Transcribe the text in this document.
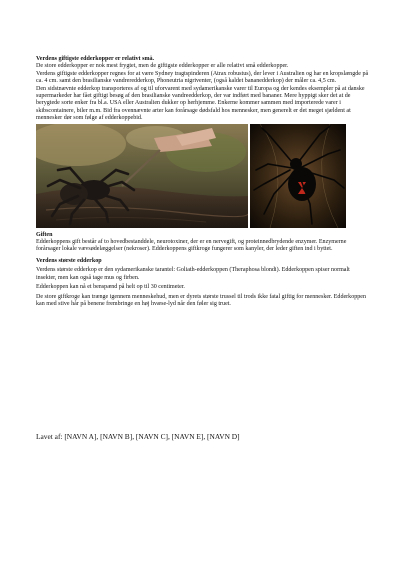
Verdens giftigste edderkopper er relativt små.

De store edderkopper er nok mest frygtet, men de giftigste edderkopper er alle relativt små edderkopper.

Verdens giftigste edderkopper regnes for at være Sydney tragtspinderen (Atrax robustus), der lever i Australien og har en kropslængde på ca. 4 cm. samt den brasilianske vandreredderkop, Phoneutria nigriventer, (også kaldet bananedderkop) der måler ca. 4,5 cm.

Den sidstnævnte edderkop transporteres af og til uforvarent med sydamerikanske varer til Europa og der kendes eksempler på at danske supermarkeder har fået giftigt besøg af den brasilianske vandreedderkop, der var indført med bananer. Mere hyppigt sker det at de berygtede sorte enker fra bl.a. USA eller Australien dukker op herhjemme. Enkerne kommer sammen med importerede varer i skibscontainere, biler m.m. Bid fra ovennævnte arter kan forårsage dødsfald hos mennesker, men generelt er det meget sjældent at mennesker dør som følge af edderkoppebid.

Giften

Edderkoppens gift består af to hovedbestanddele, neurotoxiner, der er en nervegift, og proteinnedbrydende enzymer. Enzymerne forårsager lokale vævsødelæggelser (nekroser). Edderkoppens giftkroge fungerer som kanyler, der leder giften ind i byttet.

Verdens største edderkop

Verdens største edderkop er den sydamerikanske tarantel: Goliath-edderkoppen (Theraphosa blondi). Edderkoppen spiser normalt insekter, men kan også tage mus og firben.

Edderkoppen kan nå et benspænd på helt op til 30 centimeter.

De store giftkroge kan trænge igennem menneskehud, men er dyrets største trussel til trods ikke fatal giftig for mennesker. Edderkoppen kan med stive hår på benene frembringe en høj hvæse-lyd når den føler sig truet.

Lavet af: [NAVN A], [NAVN B], [NAVN C], [NAVN E], [NAVN D]
